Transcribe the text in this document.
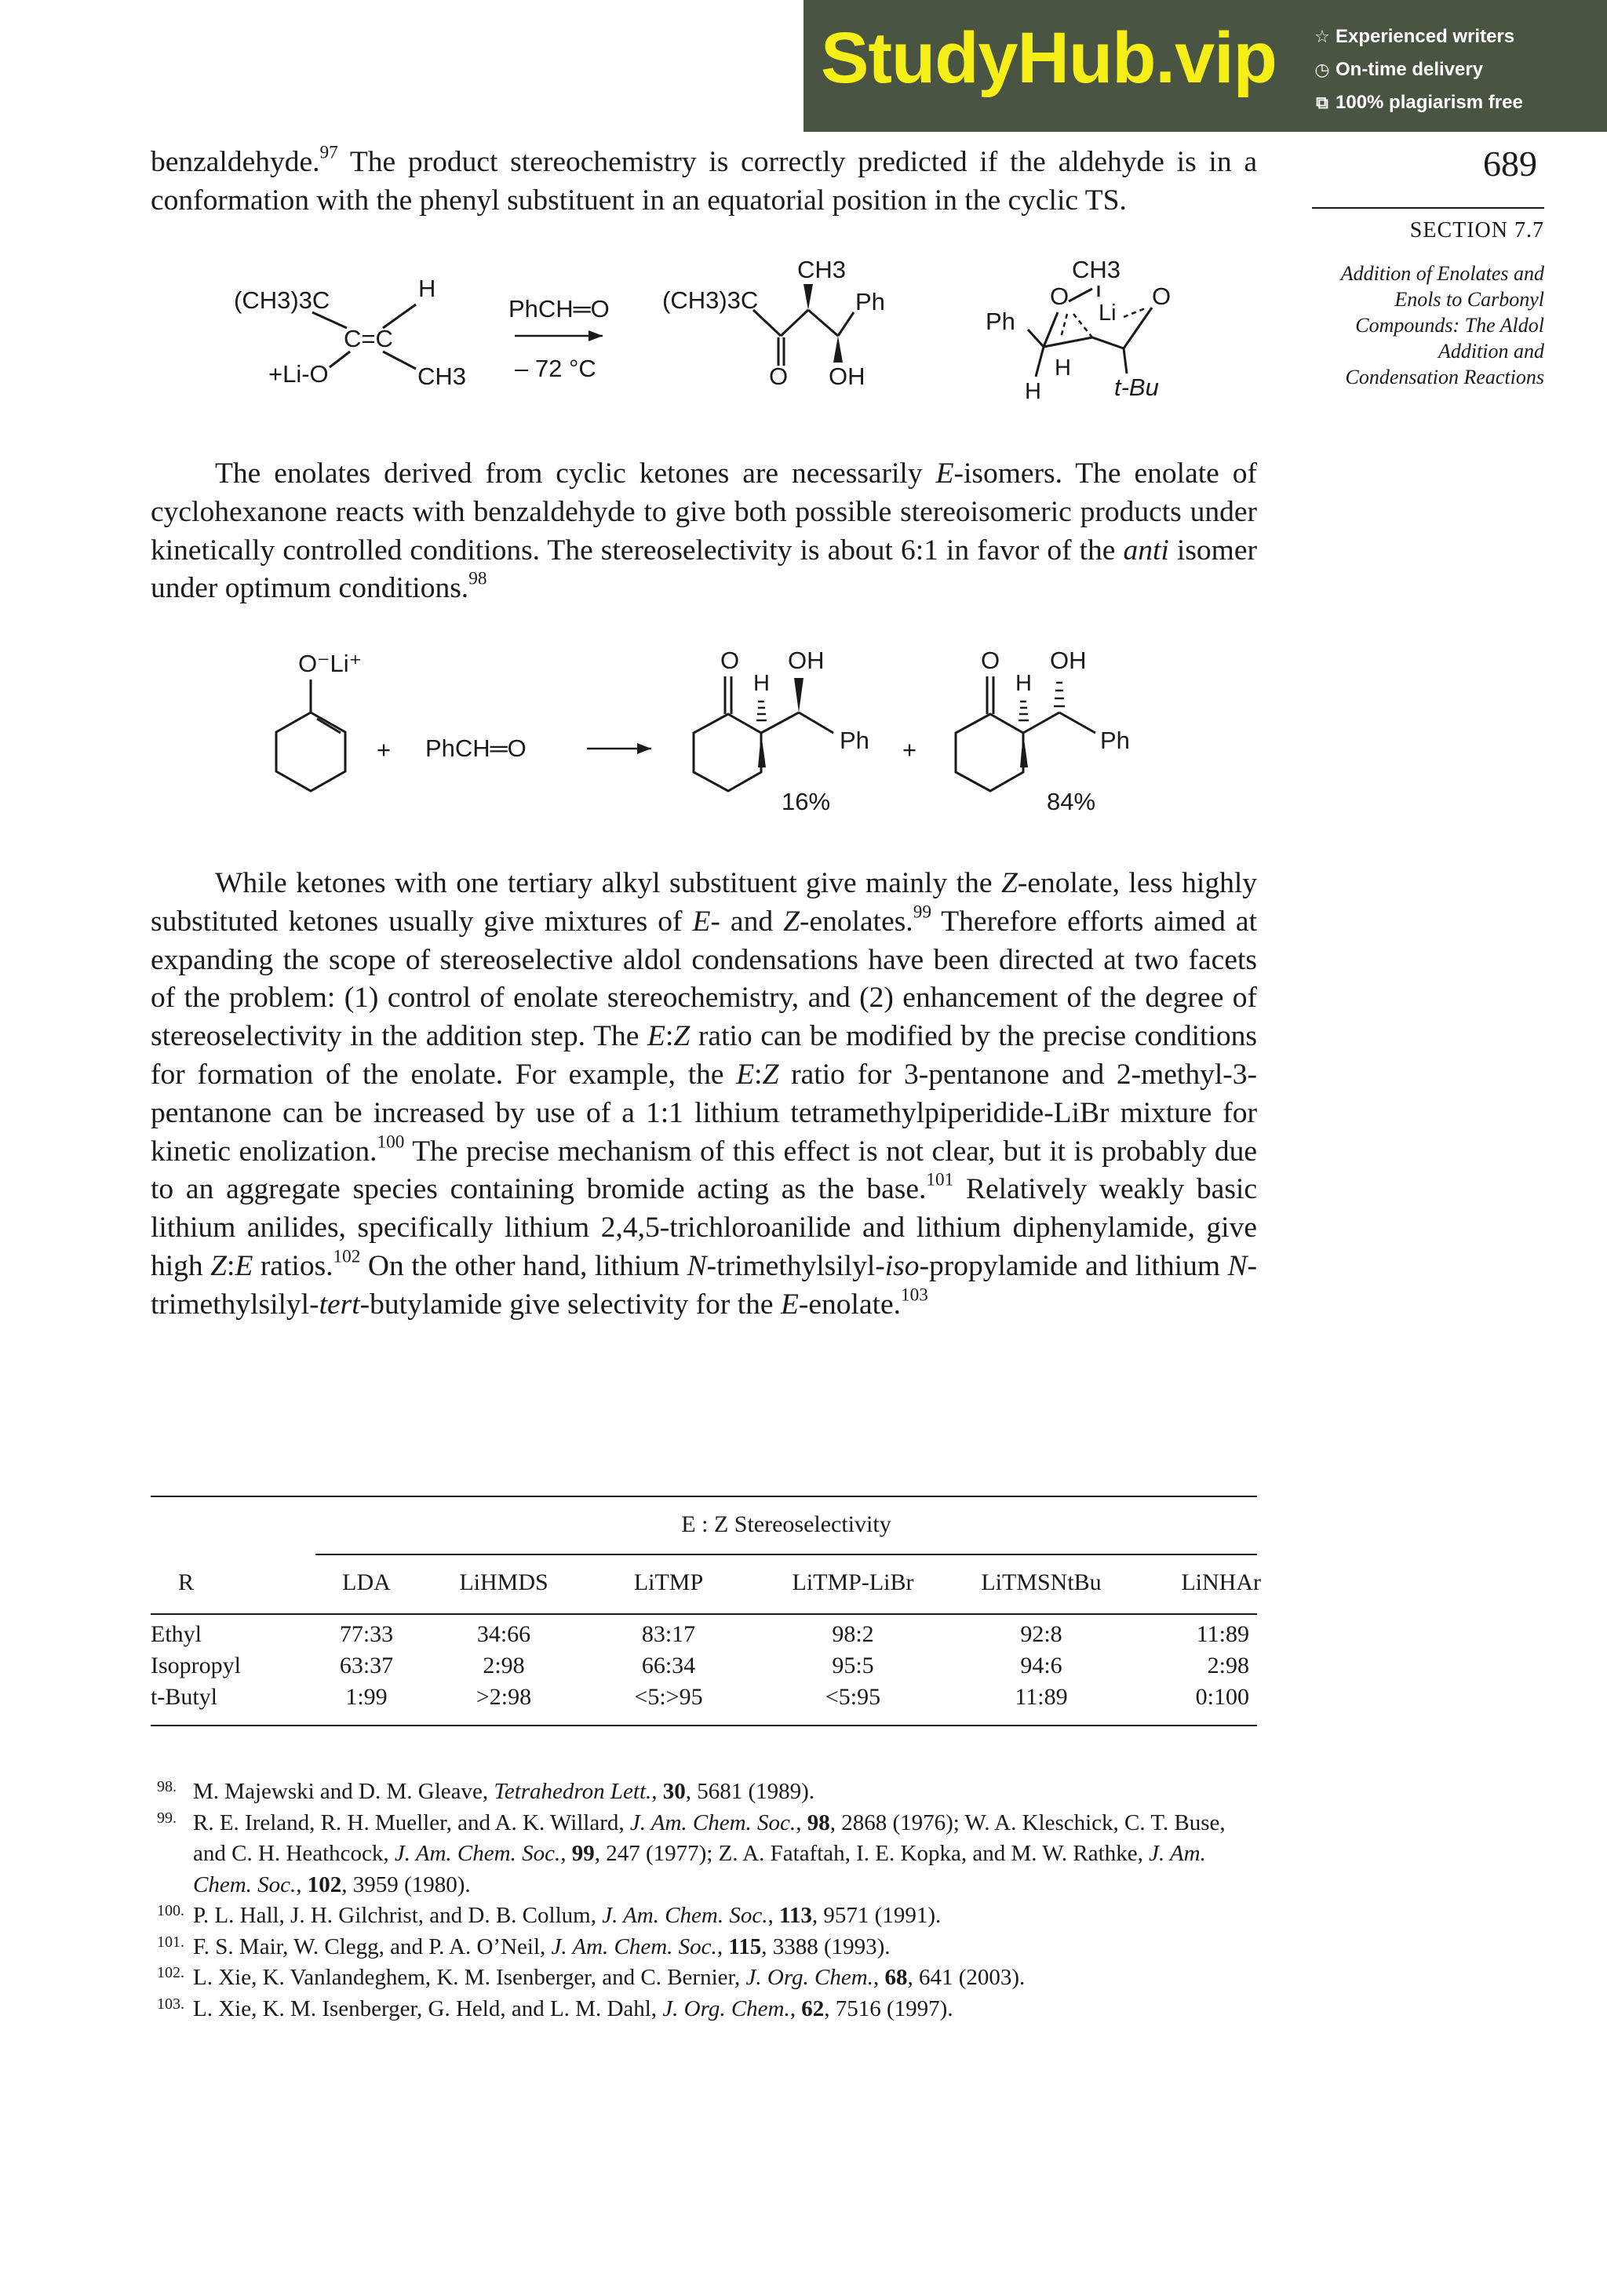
StudyHub.vip ☆ Experienced writers
◷ On-time delivery
⧉ 100% plagiarism free
689
SECTION 7.7
Addition of Enolates and
Enols to Carbonyl
Compounds: The Aldol
Addition and
Condensation Reactions
benzaldehyde.$^{97}$ The product stereochemistry is correctly predicted if the aldehyde is in a conformation with the phenyl substituent in an equatorial position in the cyclic TS.
(CH3)3C	H
C=C
+Li-O	CH3
PhCH═O
– 72 °C
(CH3)3C
CH3
Ph
O OH
CH3
O
Li
O
Ph
H
H	t-Bu
The enolates derived from cyclic ketones are necessarily E-isomers. The enolate of cyclohexanone reacts with benzaldehyde to give both possible stereoisomeric products under kinetically controlled conditions. The stereoselectivity is about 6:1 in favor of the anti isomer under optimum conditions.$^{98}$
O⁻Li⁺
+ PhCH═O
O OH
H
Ph
16%
+
O OH
H
Ph
84%
While ketones with one tertiary alkyl substituent give mainly the Z-enolate, less highly substituted ketones usually give mixtures of E- and Z-enolates.$^{99}$ Therefore efforts aimed at expanding the scope of stereoselective aldol condensations have been directed at two facets of the problem: (1) control of enolate stereochemistry, and (2) enhancement of the degree of stereoselectivity in the addition step. The E:Z ratio can be modified by the precise conditions for formation of the enolate. For example, the E:Z ratio for 3-pentanone and 2-methyl-3-pentanone can be increased by use of a 1:1 lithium tetramethylpiperidide-LiBr mixture for kinetic enolization.$^{100}$ The precise mechanism of this effect is not clear, but it is probably due to an aggregate species containing bromide acting as the base.$^{101}$ Relatively weakly basic lithium anilides, specifically lithium 2,4,5-trichloroanilide and lithium diphenylamide, give high Z:E ratios.$^{102}$ On the other hand, lithium N-trimethylsilyl-iso-propylamide and lithium N-trimethylsilyl-tert-butylamide give selectivity for the E-enolate.$^{103}$
E : Z Stereoselectivity
R	LDA	LiHMDS	LiTMP	LiTMP-LiBr	LiTMSNtBu	LiNHAr
Ethyl	77:33	34:66	83:17	98:2	92:8	11:89
Isopropyl	63:37	2:98	66:34	95:5	94:6	2:98
t-Butyl	1:99	>2:98	<5:>95	<5:95	11:89	0:100
98. M. Majewski and D. M. Gleave, Tetrahedron Lett., 30, 5681 (1989).
99. R. E. Ireland, R. H. Mueller, and A. K. Willard, J. Am. Chem. Soc., 98, 2868 (1976); W. A. Kleschick, C. T. Buse, and C. H. Heathcock, J. Am. Chem. Soc., 99, 247 (1977); Z. A. Fataftah, I. E. Kopka, and M. W. Rathke, J. Am. Chem. Soc., 102, 3959 (1980).
100. P. L. Hall, J. H. Gilchrist, and D. B. Collum, J. Am. Chem. Soc., 113, 9571 (1991).
101. F. S. Mair, W. Clegg, and P. A. O’Neil, J. Am. Chem. Soc., 115, 3388 (1993).
102. L. Xie, K. Vanlandeghem, K. M. Isenberger, and C. Bernier, J. Org. Chem., 68, 641 (2003).
103. L. Xie, K. M. Isenberger, G. Held, and L. M. Dahl, J. Org. Chem., 62, 7516 (1997).
